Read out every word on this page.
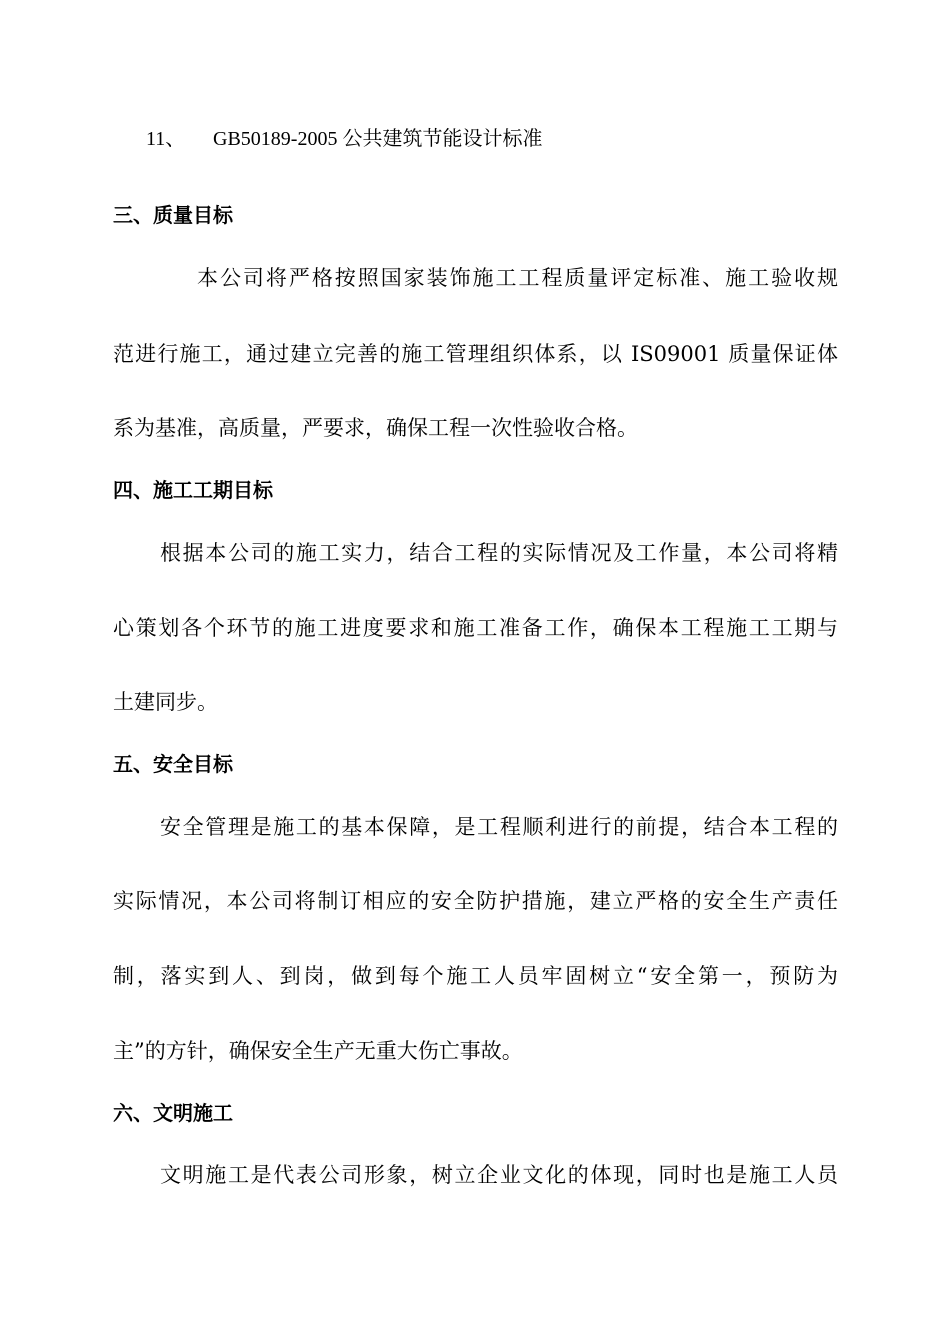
11、 GB50189-2005 公共建筑节能设计标准
三、质量目标
本公司将严格按照国家装饰施工工程质量评定标准、施工验收规
范进行施工，通过建立完善的施工管理组织体系，以 IS09001 质量保证体
系为基准，高质量，严要求，确保工程一次性验收合格。
四、施工工期目标
根据本公司的施工实力，结合工程的实际情况及工作量，本公司将精
心策划各个环节的施工进度要求和施工准备工作，确保本工程施工工期与
土建同步。
五、安全目标
安全管理是施工的基本保障，是工程顺利进行的前提，结合本工程的
实际情况，本公司将制订相应的安全防护措施，建立严格的安全生产责任
制，落实到人、到岗，做到每个施工人员牢固树立“安全第一，预防为
主”的方针，确保安全生产无重大伤亡事故。
六、文明施工
文明施工是代表公司形象，树立企业文化的体现，同时也是施工人员
